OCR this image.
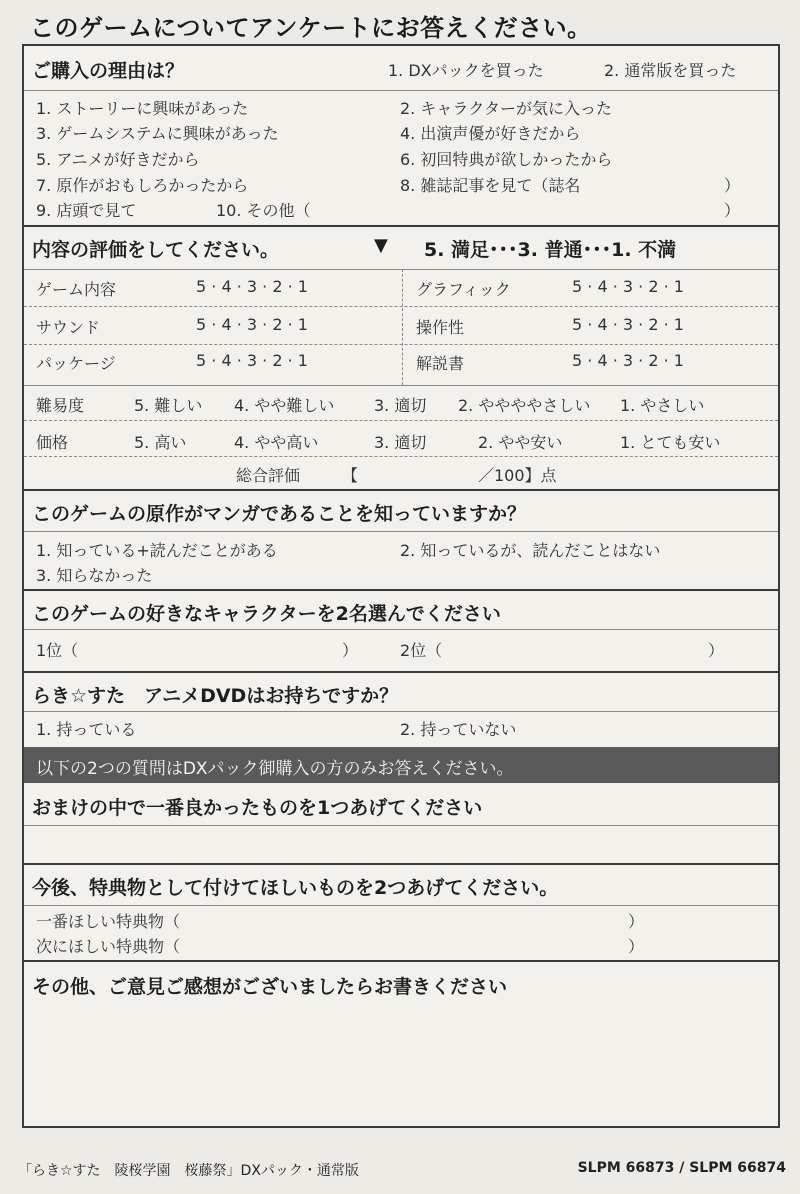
このゲームについてアンケートにお答えください。
ご購入の理由は？	1. DXパックを買った	2. 通常版を買った
1. ストーリーに興味があった	2. キャラクターが気に入った
3. ゲームシステムに興味があった	4. 出演声優が好きだから
5. アニメが好きだから	6. 初回特典が欲しかったから
7. 原作がおもしろかったから	8. 雑誌記事を見て（誌名	）
9. 店頭で見て	10. その他（	）
内容の評価をしてください。	▼ 5. 満足･･･3. 普通･･･1. 不満
ゲーム内容	5 · 4 · 3 · 2 · 1	グラフィック	5 · 4 · 3 · 2 · 1
サウンド	5 · 4 · 3 · 2 · 1	操作性	5 · 4 · 3 · 2 · 1
パッケージ	5 · 4 · 3 · 2 · 1	解説書	5 · 4 · 3 · 2 · 1
難易度	5. 難しい 4. やや難しい 3. 適切 2. ややややさしい 1. やさしい
価格	5. 高い	4. やや高い	3. 適切	2. やや安い	1. とても安い
総合評価	【	／100】点
このゲームの原作がマンガであることを知っていますか？
1. 知っている+読んだことがある	2. 知っているが、読んだことはない
3. 知らなかった
このゲームの好きなキャラクターを2名選んでください
1位（	）	2位（	）
らき☆すた　アニメDVDはお持ちですか？
1. 持っている	2. 持っていない
以下の2つの質問はDXパック御購入の方のみお答えください。
おまけの中で一番良かったものを1つあげてください
今後、特典物として付けてほしいものを2つあげてください。
一番ほしい特典物（	）
次にほしい特典物（	）
その他、ご意見ご感想がございましたらお書きください
「らき☆すた　陵桜学園　桜藤祭」DXパック・通常版	SLPM 66873 / SLPM 66874
